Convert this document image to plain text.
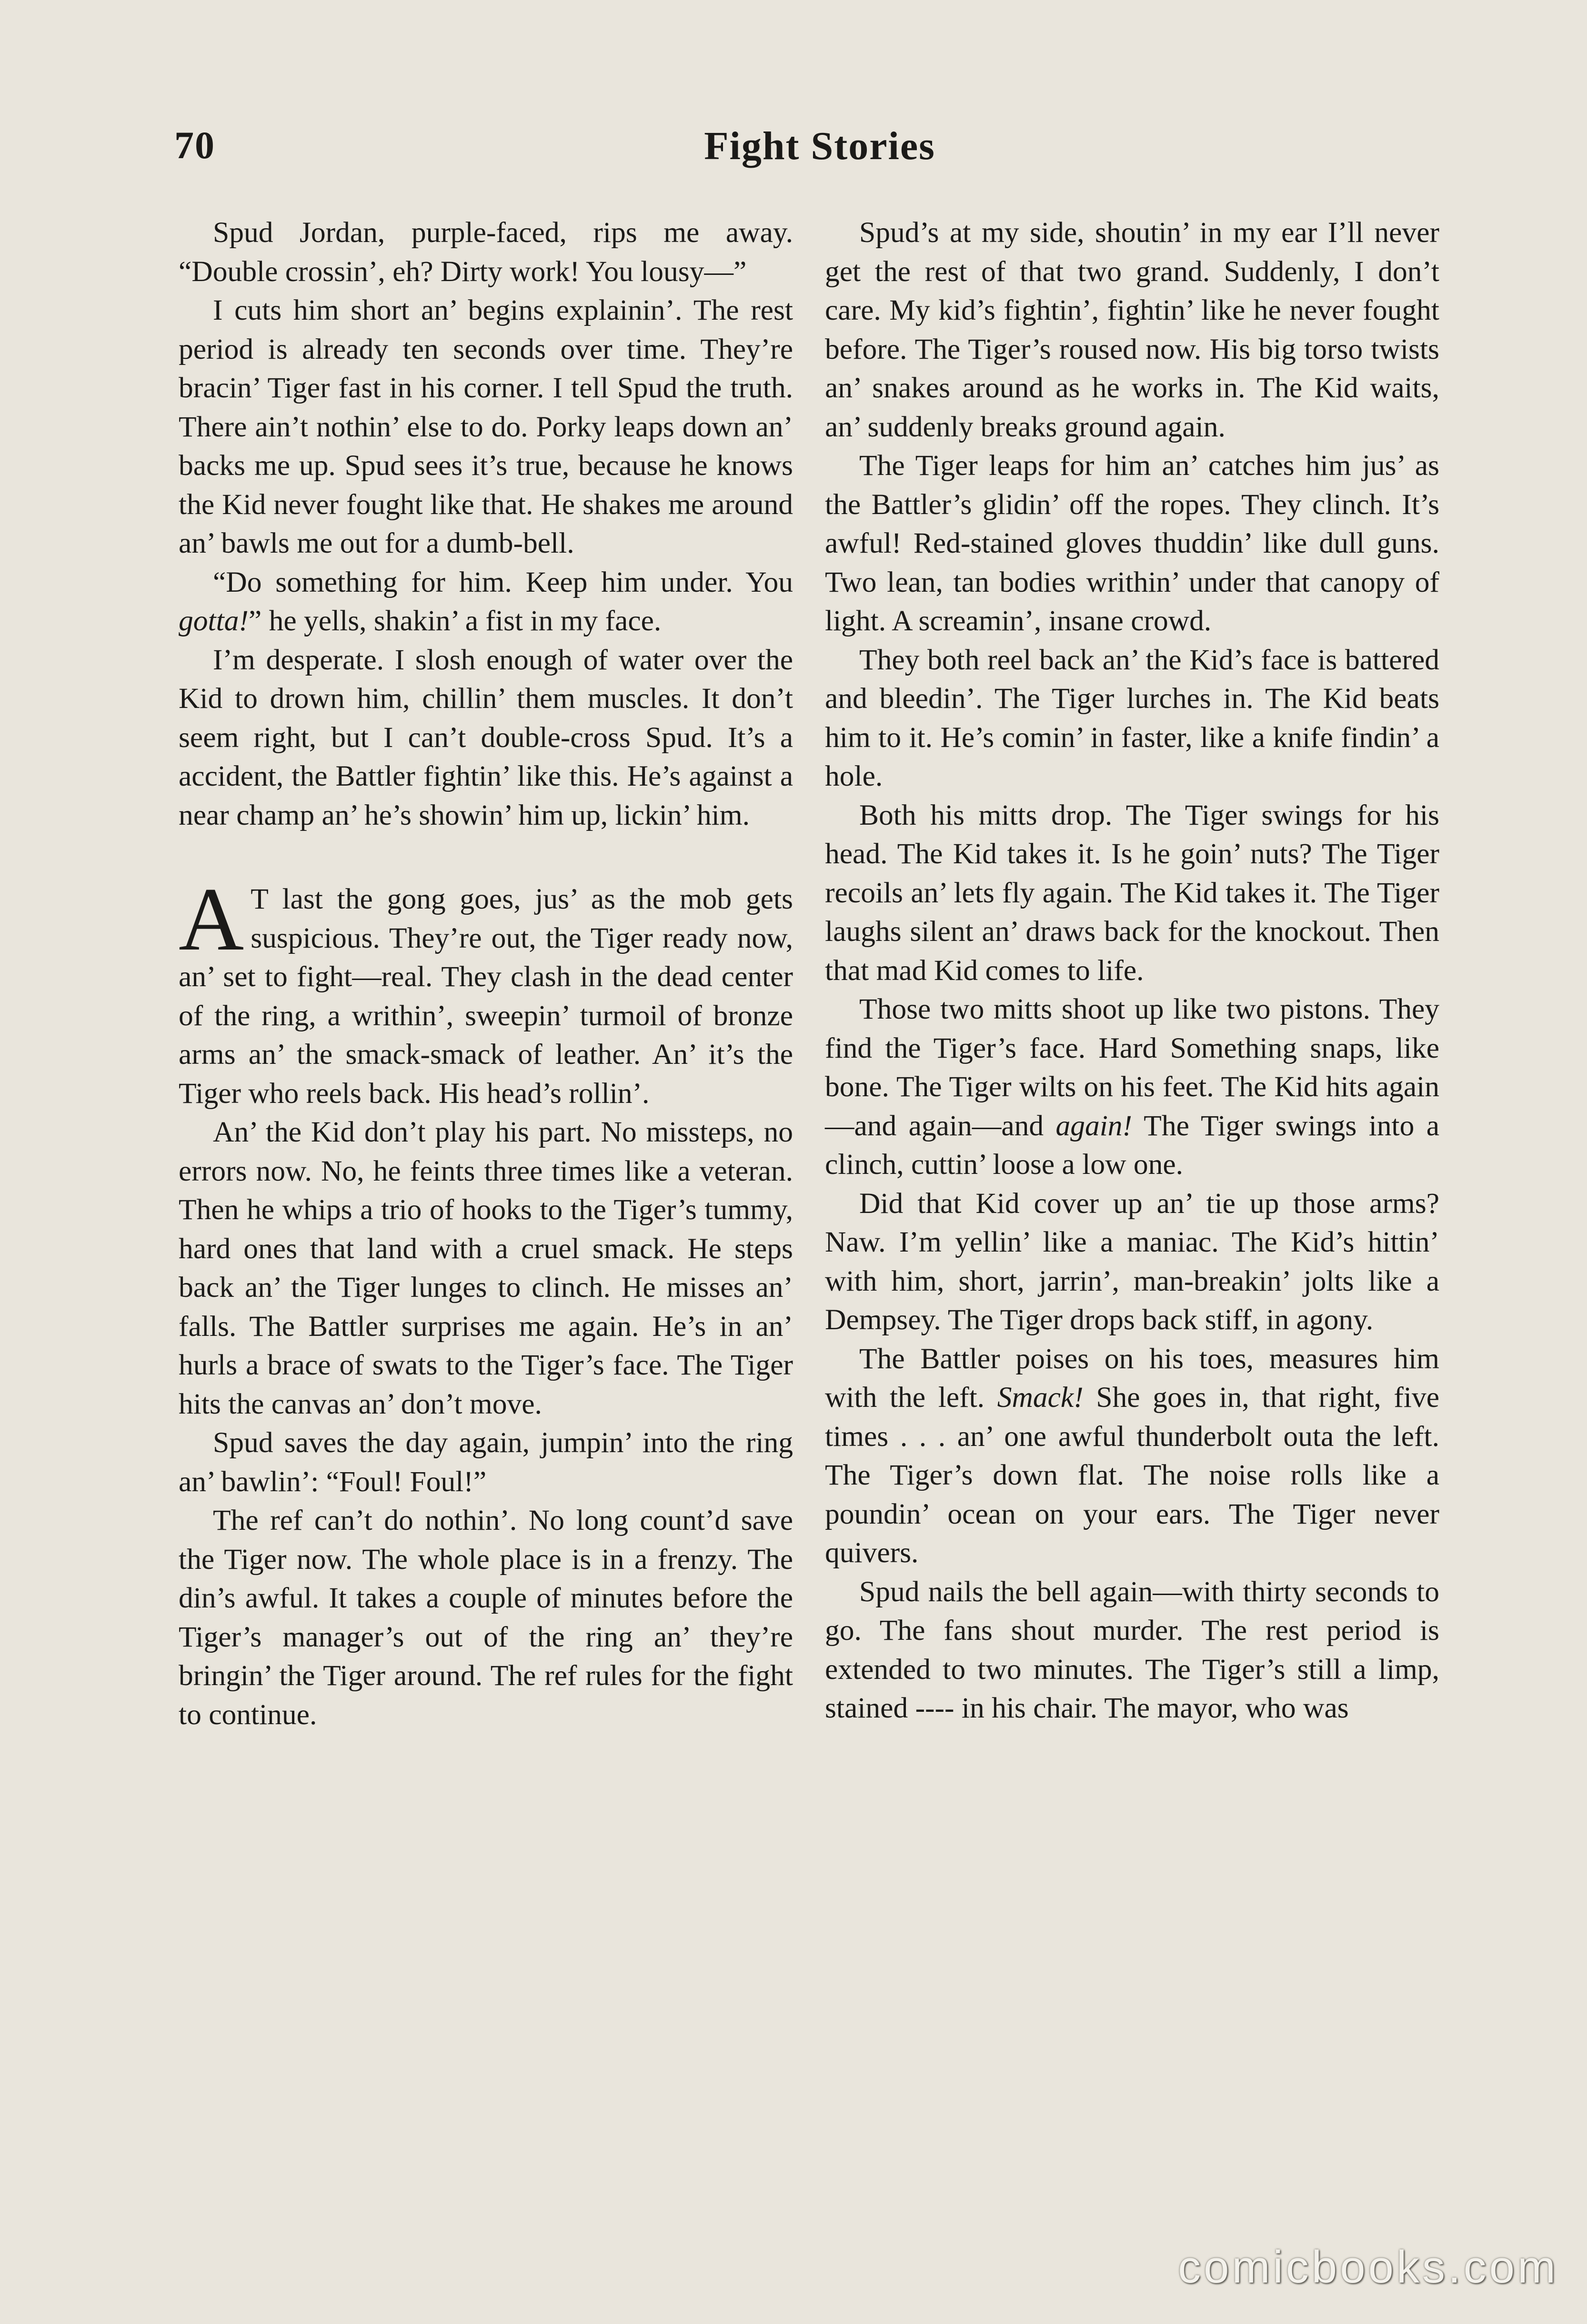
70	Fight Stories

Spud Jordan, purple-faced, rips me away. “Double crossin’, eh? Dirty work! You lousy—”

I cuts him short an’ begins explainin’. The rest period is already ten seconds over time. They’re bracin’ Tiger fast in his corner. I tell Spud the truth. There ain’t nothin’ else to do. Porky leaps down an’ backs me up. Spud sees it’s true, because he knows the Kid never fought like that. He shakes me around an’ bawls me out for a dumb-bell.

“Do something for him. Keep him under. You gotta!” he yells, shakin’ a fist in my face.

I’m desperate. I slosh enough of water over the Kid to drown him, chillin’ them muscles. It don’t seem right, but I can’t double-cross Spud. It’s a accident, the Battler fightin’ like this. He’s against a near champ an’ he’s showin’ him up, lickin’ him.

A T last the gong goes, jus’ as the mob gets suspicious. They’re out, the Tiger ready now, an’ set to fight—real. They clash in the dead center of the ring, a writhin’, sweepin’ turmoil of bronze arms an’ the smack-smack of leather. An’ it’s the Tiger who reels back. His head’s rollin’.

An’ the Kid don’t play his part. No missteps, no errors now. No, he feints three times like a veteran. Then he whips a trio of hooks to the Tiger’s tummy, hard ones that land with a cruel smack. He steps back an’ the Tiger lunges to clinch. He misses an’ falls. The Battler surprises me again. He’s in an’ hurls a brace of swats to the Tiger’s face. The Tiger hits the canvas an’ don’t move.

Spud saves the day again, jumpin’ into the ring an’ bawlin’: “Foul! Foul!”

The ref can’t do nothin’. No long count’d save the Tiger now. The whole place is in a frenzy. The din’s awful. It takes a couple of minutes before the Tiger’s manager’s out of the ring an’ they’re bringin’ the Tiger around. The ref rules for the fight to continue.

Spud’s at my side, shoutin’ in my ear I’ll never get the rest of that two grand. Suddenly, I don’t care. My kid’s fightin’, fightin’ like he never fought before. The Tiger’s roused now. His big torso twists an’ snakes around as he works in. The Kid waits, an’ suddenly breaks ground again.

The Tiger leaps for him an’ catches him jus’ as the Battler’s glidin’ off the ropes. They clinch. It’s awful! Red-stained gloves thuddin’ like dull guns. Two lean, tan bodies writhin’ under that canopy of light. A screamin’, insane crowd.

They both reel back an’ the Kid’s face is battered and bleedin’. The Tiger lurches in. The Kid beats him to it. He’s comin’ in faster, like a knife findin’ a hole.

Both his mitts drop. The Tiger swings for his head. The Kid takes it. Is he goin’ nuts? The Tiger recoils an’ lets fly again. The Kid takes it. The Tiger laughs silent an’ draws back for the knockout. Then that mad Kid comes to life.

Those two mitts shoot up like two pistons. They find the Tiger’s face. Hard Something snaps, like bone. The Tiger wilts on his feet. The Kid hits again—and again—and again! The Tiger swings into a clinch, cuttin’ loose a low one.

Did that Kid cover up an’ tie up those arms? Naw. I’m yellin’ like a maniac. The Kid’s hittin’ with him, short, jarrin’, man-breakin’ jolts like a Dempsey. The Tiger drops back stiff, in agony.

The Battler poises on his toes, measures him with the left. Smack! She goes in, that right, five times . . . an’ one awful thunderbolt outa the left. The Tiger’s down flat. The noise rolls like a poundin’ ocean on your ears. The Tiger never quivers.

Spud nails the bell again—with thirty seconds to go. The fans shout murder. The rest period is extended to two minutes. The Tiger’s still a limp, stained ---- in his chair. The mayor, who was

comicbooks.com
